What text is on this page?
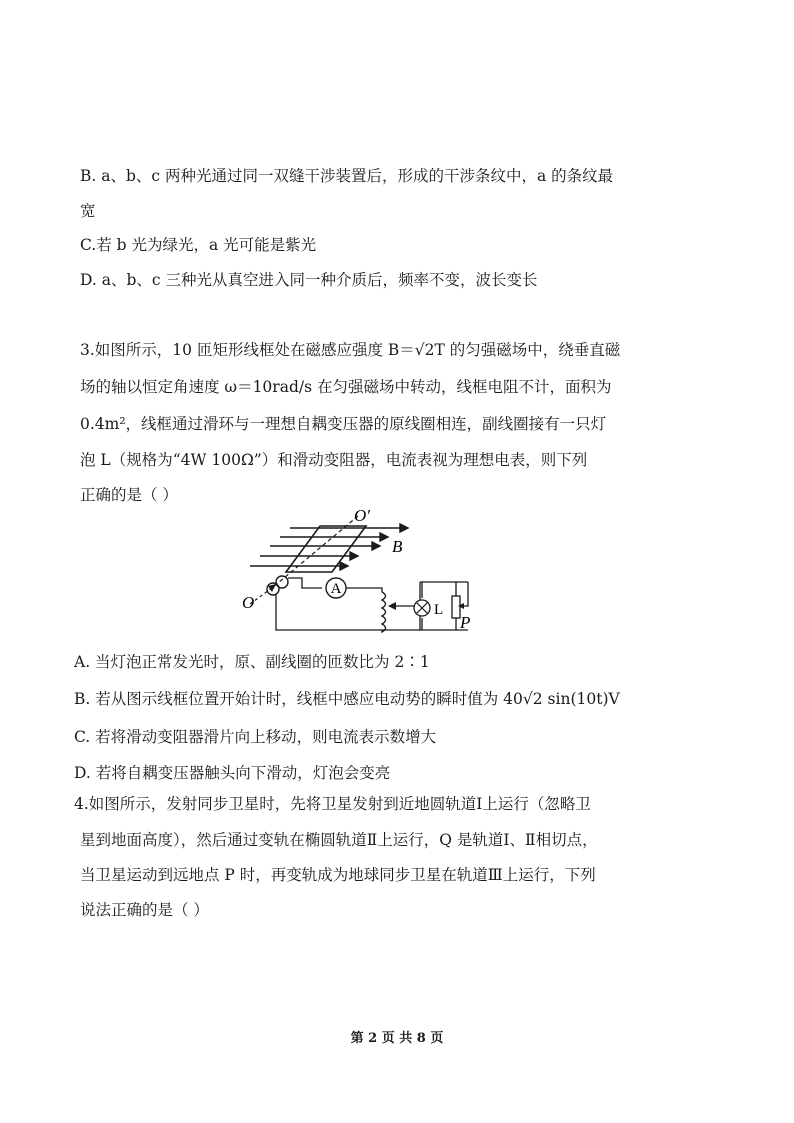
B. a、b、c 两种光通过同一双缝干涉装置后，形成的干涉条纹中，a 的条纹最
宽
C.若 b 光为绿光，a 光可能是紫光
D. a、b、c 三种光从真空进入同一种介质后，频率不变，波长变长
3.如图所示，10 匝矩形线框处在磁感应强度 B＝√2T 的匀强磁场中，绕垂直磁
场的轴以恒定角速度 ω＝10rad/s 在匀强磁场中转动，线框电阻不计，面积为
0.4m²，线框通过滑环与一理想自耦变压器的原线圈相连，副线圈接有一只灯
泡 L（规格为“4W 100Ω”）和滑动变阻器，电流表视为理想电表，则下列
正确的是（ ）
A
L
O′
O
B
P
A. 当灯泡正常发光时，原、副线圈的匝数比为 2∶1
B. 若从图示线框位置开始计时，线框中感应电动势的瞬时值为 40√2 sin(10t)V
C. 若将滑动变阻器滑片向上移动，则电流表示数增大
D. 若将自耦变压器触头向下滑动，灯泡会变亮
4.如图所示，发射同步卫星时，先将卫星发射到近地圆轨道Ⅰ上运行（忽略卫
星到地面高度），然后通过变轨在椭圆轨道Ⅱ上运行，Q 是轨道Ⅰ、Ⅱ相切点，
当卫星运动到远地点 P 时，再变轨成为地球同步卫星在轨道Ⅲ上运行，下列
说法正确的是（ ）
第 2 页 共 8 页
